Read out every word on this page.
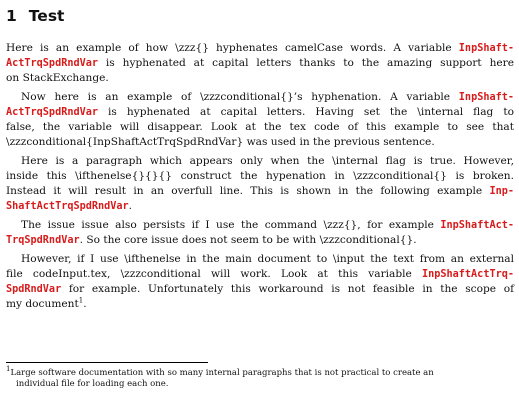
1 Test

Here is an example of how \zzz{} hyphenates camelCase words. A variable InpShaft-

ActTrqSpdRndVar is hyphenated at capital letters thanks to the amazing support here

on StackExchange.

Now here is an example of \zzzconditional{}’s hyphenation. A variable InpShaft-

ActTrqSpdRndVar is hyphenated at capital letters. Having set the \internal flag to

false, the variable will disappear. Look at the tex code of this example to see that

\zzzconditional{InpShaftActTrqSpdRndVar} was used in the previous sentence.

Here is a paragraph which appears only when the \internal flag is true. However,

inside this \ifthenelse{}{}{} construct the hypenation in \zzzconditional{} is broken.

Instead it will result in an overfull line. This is shown in the following example Inp-

ShaftActTrqSpdRndVar.

The issue issue also persists if I use the command \zzz{}, for example InpShaftAct-

TrqSpdRndVar. So the core issue does not seem to be with \zzzconditional{}.

However, if I use \ifthenelse in the main document to \input the text from an external

file codeInput.tex, \zzzconditional will work. Look at this variable InpShaftActTrq-

SpdRndVar for example. Unfortunately this workaround is not feasible in the scope of

my document$^1$.

$^1$Large software documentation with so many internal paragraphs that is not practical to create an

individual file for loading each one.
